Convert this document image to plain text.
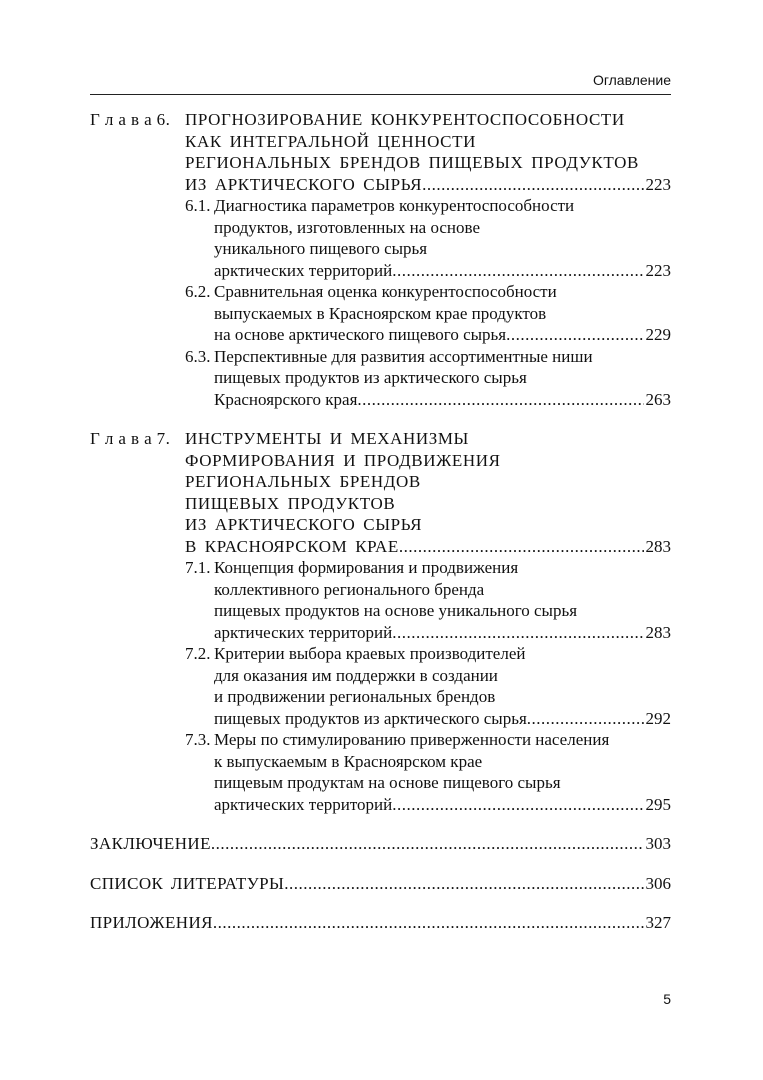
Оглавление
Г л а в а 6. ПРОГНОЗИРОВАНИЕ КОНКУРЕНТОСПОСОБНОСТИ
КАК ИНТЕГРАЛЬНОЙ ЦЕННОСТИ
РЕГИОНАЛЬНЫХ БРЕНДОВ ПИЩЕВЫХ ПРОДУКТОВ
ИЗ АРКТИЧЕСКОГО СЫРЬЯ .....	223
6.1. Диагностика параметров конкурентоспособности
продуктов, изготовленных на основе
уникального пищевого сырья
арктических территорий .....	223
6.2. Сравнительная оценка конкурентоспособности
выпускаемых в Красноярском крае продуктов
на основе арктического пищевого сырья .....	229
6.3. Перспективные для развития ассортиментные ниши
пищевых продуктов из арктического сырья
Красноярского края .....	263
Г л а в а 7. ИНСТРУМЕНТЫ И МЕХАНИЗМЫ
ФОРМИРОВАНИЯ И ПРОДВИЖЕНИЯ
РЕГИОНАЛЬНЫХ БРЕНДОВ
ПИЩЕВЫХ ПРОДУКТОВ
ИЗ АРКТИЧЕСКОГО СЫРЬЯ
В КРАСНОЯРСКОМ КРАЕ .....	283
7.1. Концепция формирования и продвижения
коллективного регионального бренда
пищевых продуктов на основе уникального сырья
арктических территорий .....	283
7.2. Критерии выбора краевых производителей
для оказания им поддержки в создании
и продвижении региональных брендов
пищевых продуктов из арктического сырья .....	292
7.3. Меры по стимулированию приверженности населения
к выпускаемым в Красноярском крае
пищевым продуктам на основе пищевого сырья
арктических территорий .....	295
ЗАКЛЮЧЕНИЕ .....	303
СПИСОК ЛИТЕРАТУРЫ .....	306
ПРИЛОЖЕНИЯ .....	327
5
